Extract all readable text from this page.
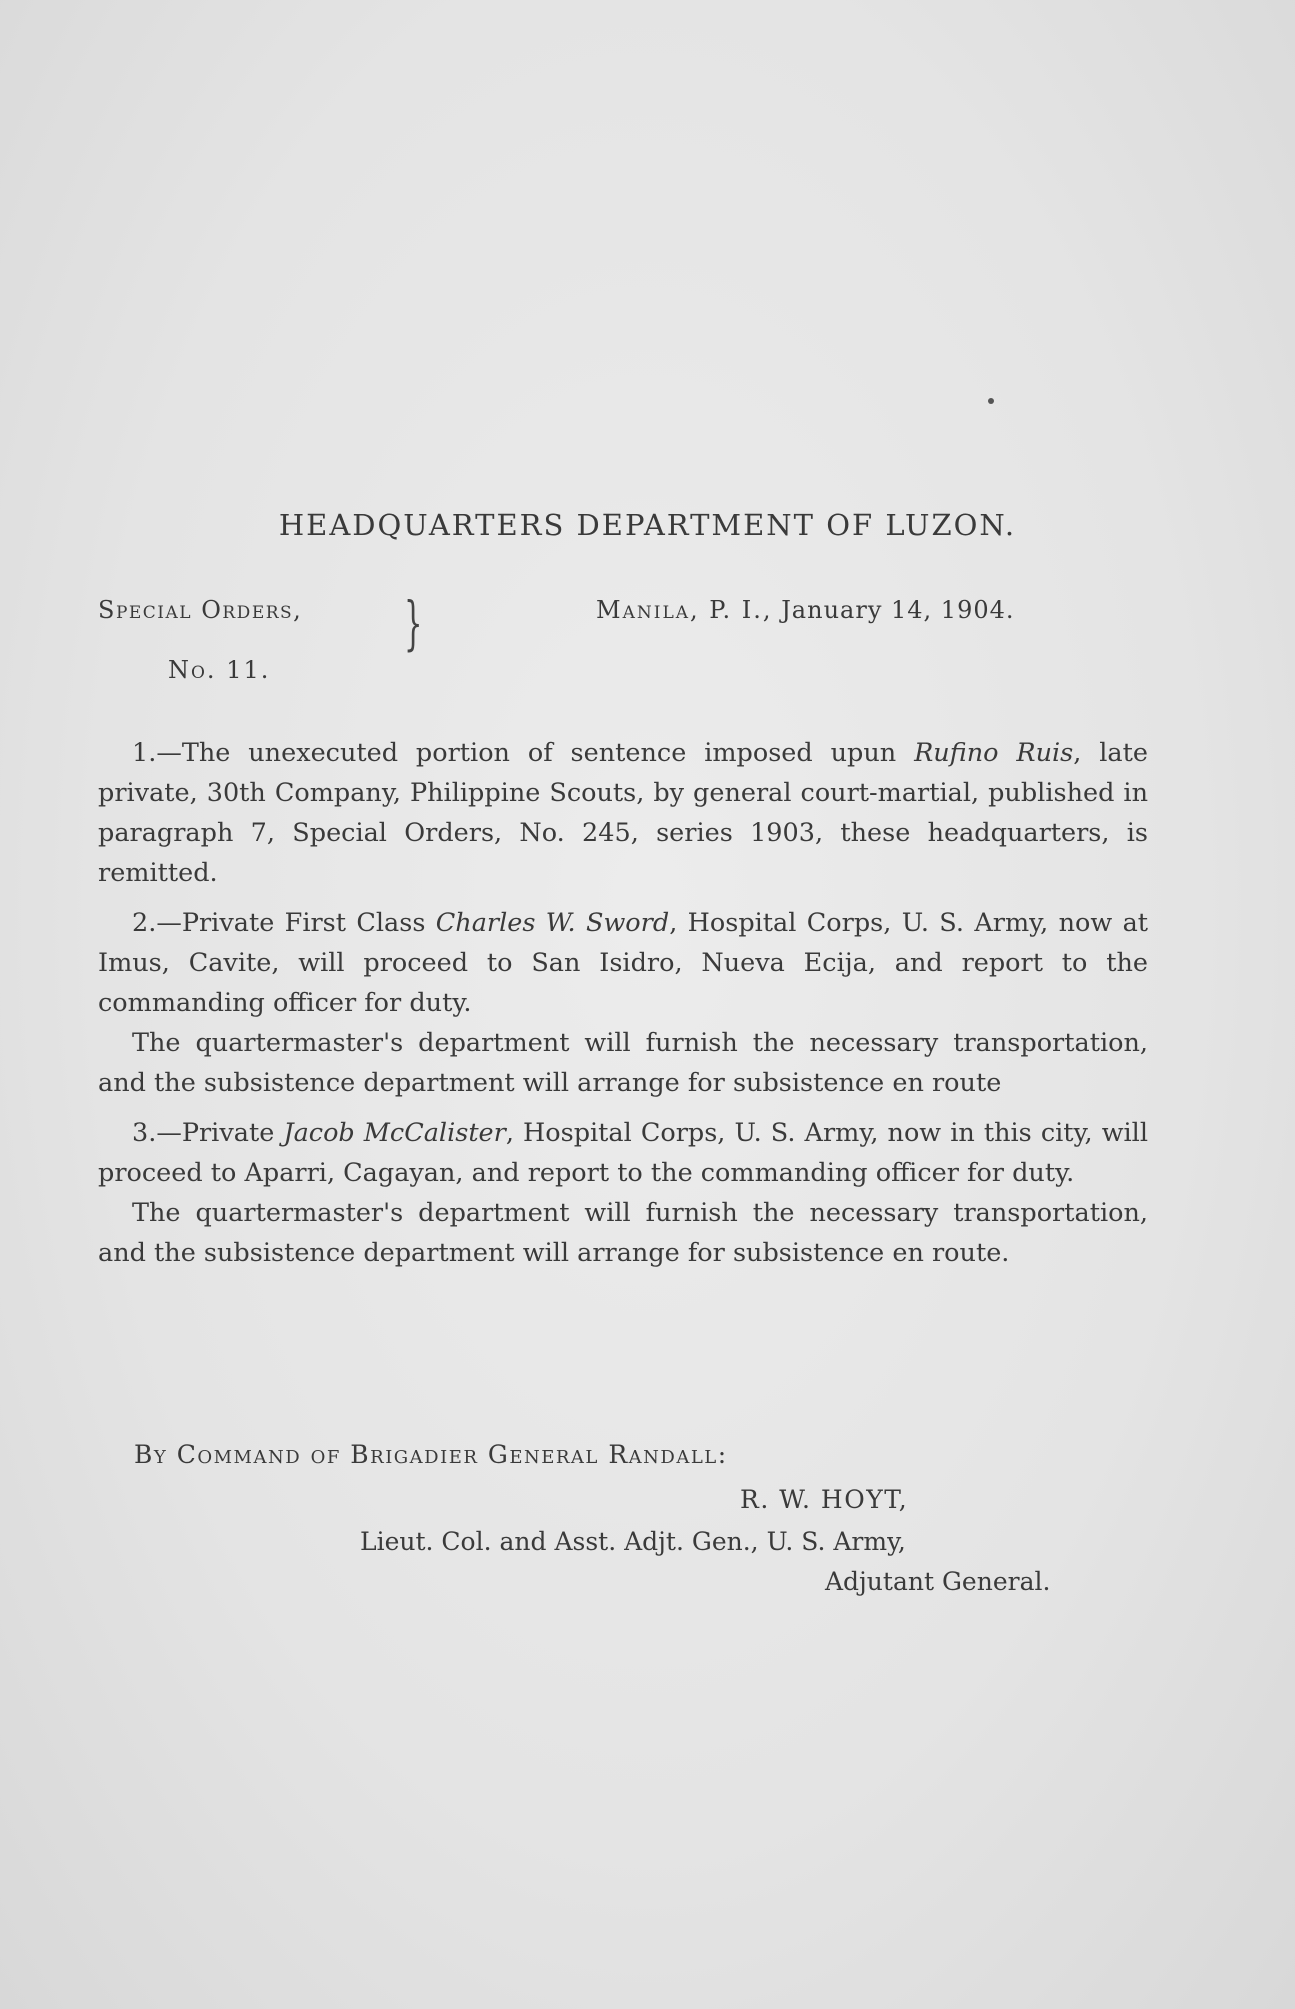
HEADQUARTERS DEPARTMENT OF LUZON.
Special Orders,
No. 11.
}	Manila, P. I., January 14, 1904.

1.—The unexecuted portion of sentence imposed upun Rufino Ruis, late private, 30th Company, Philippine Scouts, by general court-martial, published in paragraph 7, Special Orders, No. 245, series 1903, these headquarters, is remitted.

2.—Private First Class Charles W. Sword, Hospital Corps, U. S. Army, now at Imus, Cavite, will proceed to San Isidro, Nueva Ecija, and report to the commanding officer for duty.

The quartermaster's department will furnish the necessary transportation, and the subsistence department will arrange for subsistence en route

3.—Private Jacob McCalister, Hospital Corps, U. S. Army, now in this city, will proceed to Aparri, Cagayan, and report to the commanding officer for duty.

The quartermaster's department will furnish the necessary transportation, and the subsistence department will arrange for subsistence en route.

By Command of Brigadier General Randall:
R. W. HOYT,
Lieut. Col. and Asst. Adjt. Gen., U. S. Army,
Adjutant General.
